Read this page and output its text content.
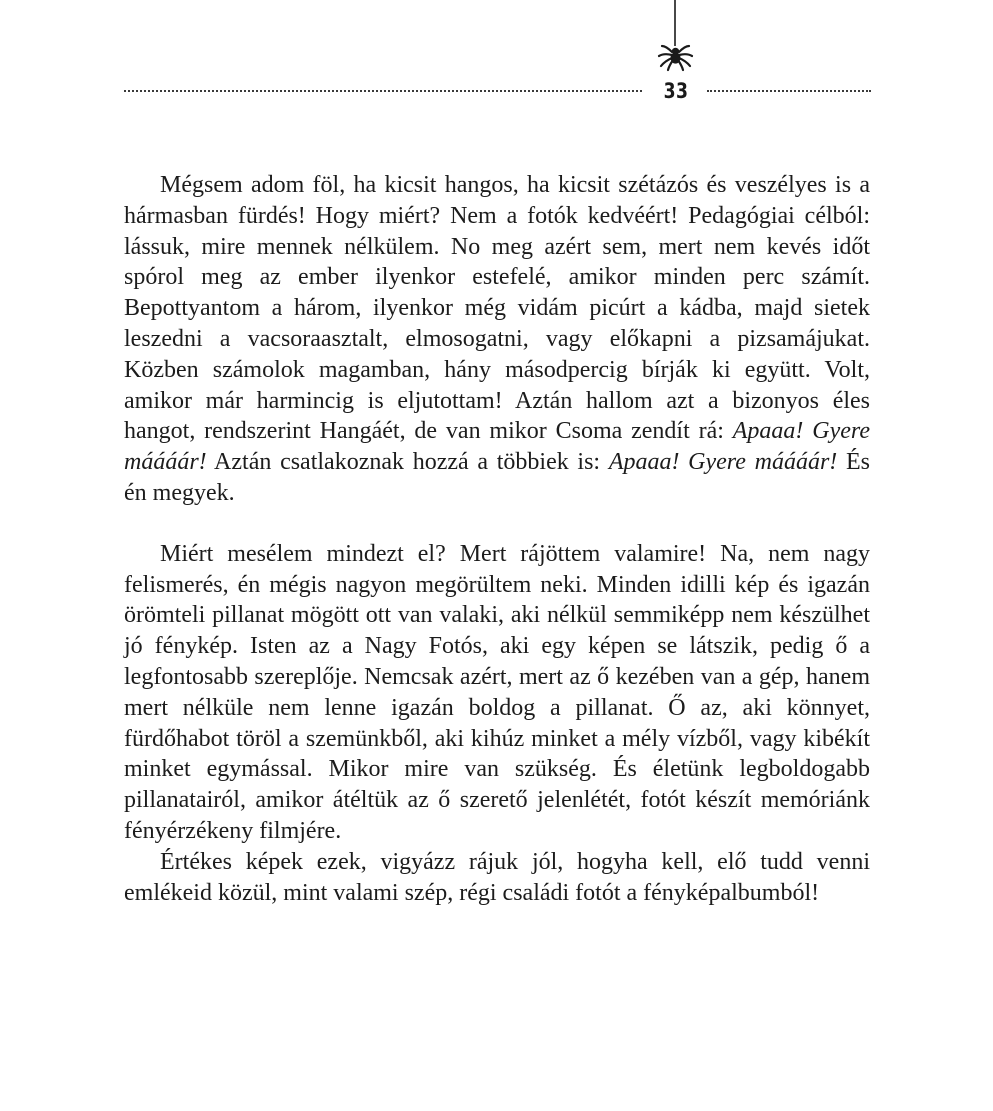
33

Mégsem adom föl, ha kicsit hangos, ha kicsit szétázós és veszélyes is a hármasban fürdés! Hogy miért? Nem a fotók kedvéért! Pedagógiai célból: lássuk, mire mennek nélkülem. No meg azért sem, mert nem kevés időt spórol meg az ember ilyenkor estefelé, amikor minden perc számít. Bepottyantom a három, ilyenkor még vidám picúrt a kádba, majd sietek leszedni a vacsoraasztalt, elmosogatni, vagy előkapni a pizsamájukat. Közben számolok magamban, hány másodpercig bírják ki együtt. Volt, amikor már harmincig is eljutottam! Aztán hallom azt a bizonyos éles hangot, rendszerint Hangáét, de van mikor Csoma zendít rá: Apaaa! Gyere máááár! Aztán csatlakoznak hozzá a többiek is: Apaaa! Gyere máááár! És én megyek.

Miért mesélem mindezt el? Mert rájöttem valamire! Na, nem nagy felismerés, én mégis nagyon megörültem neki. Minden idilli kép és igazán örömteli pillanat mögött ott van valaki, aki nélkül semmiképp nem készülhet jó fénykép. Isten az a Nagy Fotós, aki egy képen se látszik, pedig ő a legfontosabb szereplője. Nemcsak azért, mert az ő kezében van a gép, hanem mert nélküle nem lenne igazán boldog a pillanat. Ő az, aki könnyet, fürdőhabot töröl a szemünkből, aki kihúz minket a mély vízből, vagy kibékít minket egymással. Mikor mire van szükség. És életünk legboldogabb pillanatairól, amikor átéltük az ő szerető jelenlétét, fotót készít memóriánk fényérzékeny filmjére.

Értékes képek ezek, vigyázz rájuk jól, hogyha kell, elő tudd venni emlékeid közül, mint valami szép, régi családi fotót a fényképalbumból!
